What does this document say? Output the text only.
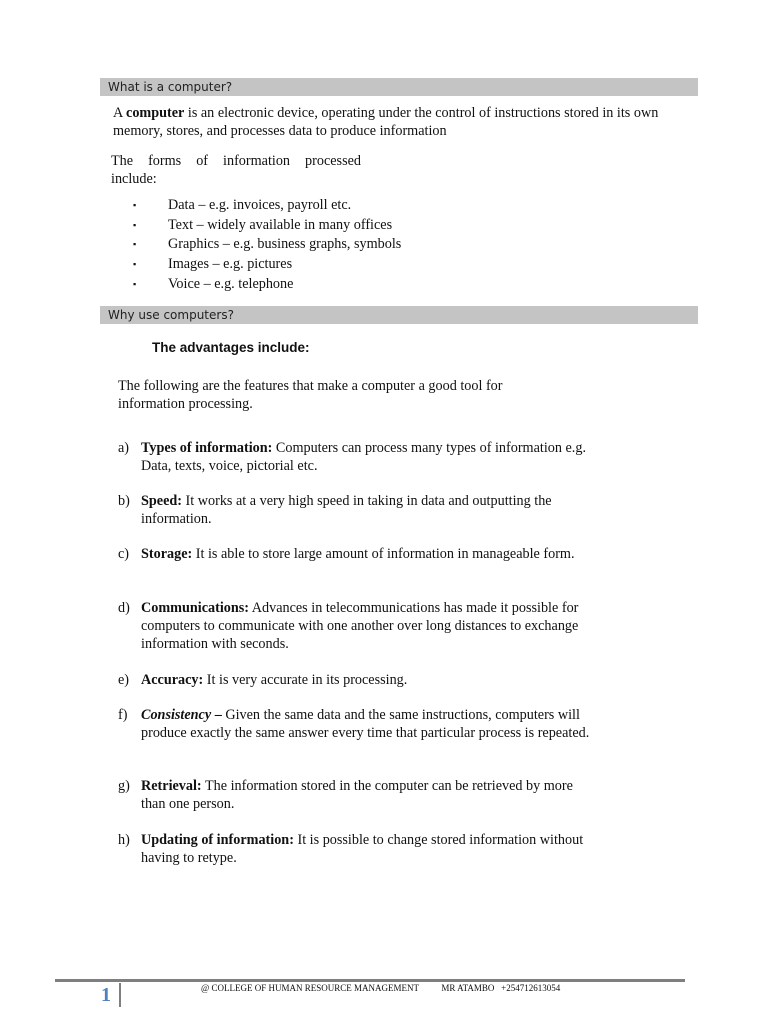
What is a computer?
A computer is an electronic device, operating under the control of instructions stored in its own memory, stores, and processes data to produce information
The forms of information processed include:
▪ Data – e.g. invoices, payroll etc.
▪ Text – widely available in many offices
▪ Graphics – e.g. business graphs, symbols
▪ Images – e.g. pictures
▪ Voice – e.g. telephone
Why use computers?
The advantages include:
The following are the features that make a computer a good tool for information processing.
a) Types of information: Computers can process many types of information e.g. Data, texts, voice, pictorial etc.
b) Speed: It works at a very high speed in taking in data and outputting the information.
c) Storage: It is able to store large amount of information in manageable form.
d) Communications: Advances in telecommunications has made it possible for computers to communicate with one another over long distances to exchange information with seconds.
e) Accuracy: It is very accurate in its processing.
f) Consistency – Given the same data and the same instructions, computers will produce exactly the same answer every time that particular process is repeated.
g) Retrieval: The information stored in the computer can be retrieved by more than one person.
h) Updating of information: It is possible to change stored information without having to retype.
1	@ COLLEGE OF HUMAN RESOURCE MANAGEMENT          MR ATAMBO   +254712613054
